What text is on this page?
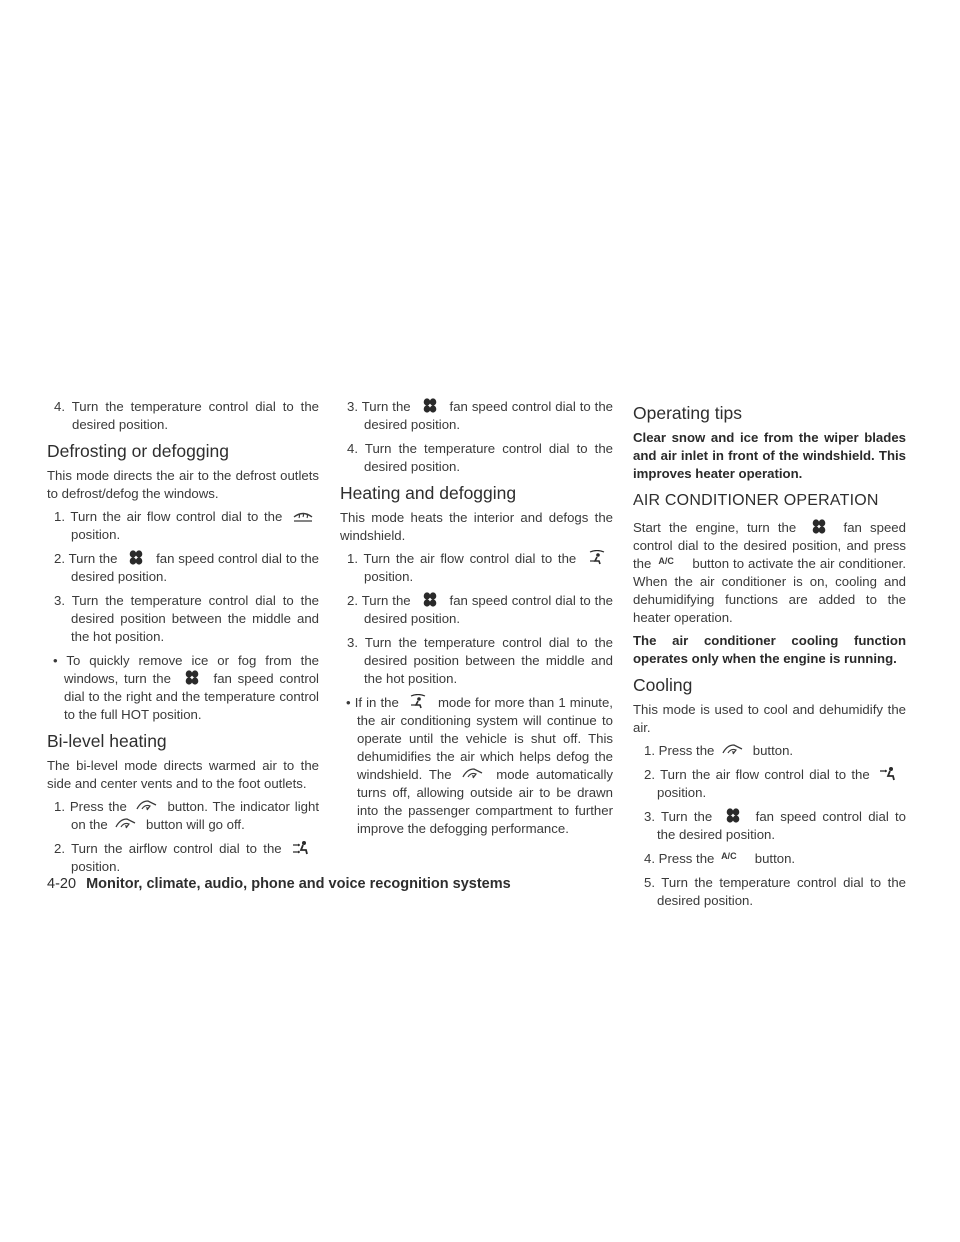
4. Turn the temperature control dial to the desired position.

Defrosting or defogging

This mode directs the air to the defrost outlets to defrost/defog the windows.

1. Turn the air flow control dial to the
position.

2. Turn the	fan speed control dial to the desired position.

3. Turn the temperature control dial to the desired position between the middle and the hot position.

• To quickly remove ice or fog from the windows, turn the	fan speed control dial to the right and the temperature control to the full HOT position.

Bi-level heating

The bi-level mode directs warmed air to the side and center vents and to the foot outlets.

1. Press the	button. The indicator light on the	button will go off.

2. Turn the airflow control dial to the
position.

3. Turn the	fan speed control dial to the desired position.

4. Turn the temperature control dial to the desired position.

Heating and defogging

This mode heats the interior and defogs the windshield.

1. Turn the air flow control dial to the
position.

2. Turn the	fan speed control dial to the desired position.

3. Turn the temperature control dial to the desired position between the middle and the hot position.

• If in the	mode for more than 1 minute, the air conditioning system will continue to operate until the vehicle is shut off. This dehumidifies the air which helps defog the windshield. The	mode automatically turns off, allowing outside air to be drawn into the passenger compartment to further improve the defogging performance.

Operating tips

Clear snow and ice from the wiper blades and air inlet in front of the windshield. This improves heater operation.

AIR CONDITIONER OPERATION

Start the engine, turn the	fan speed control dial to the desired position, and press the A/C button to activate the air conditioner. When the air conditioner is on, cooling and dehumidifying functions are added to the heater operation.

The air conditioner cooling function operates only when the engine is running.

Cooling

This mode is used to cool and dehumidify the air.

1. Press the	button.

2. Turn the air flow control dial to the
position.

3. Turn the	fan speed control dial to the desired position.

4. Press the A/C button.

5. Turn the temperature control dial to the desired position.

4-20 Monitor, climate, audio, phone and voice recognition systems
